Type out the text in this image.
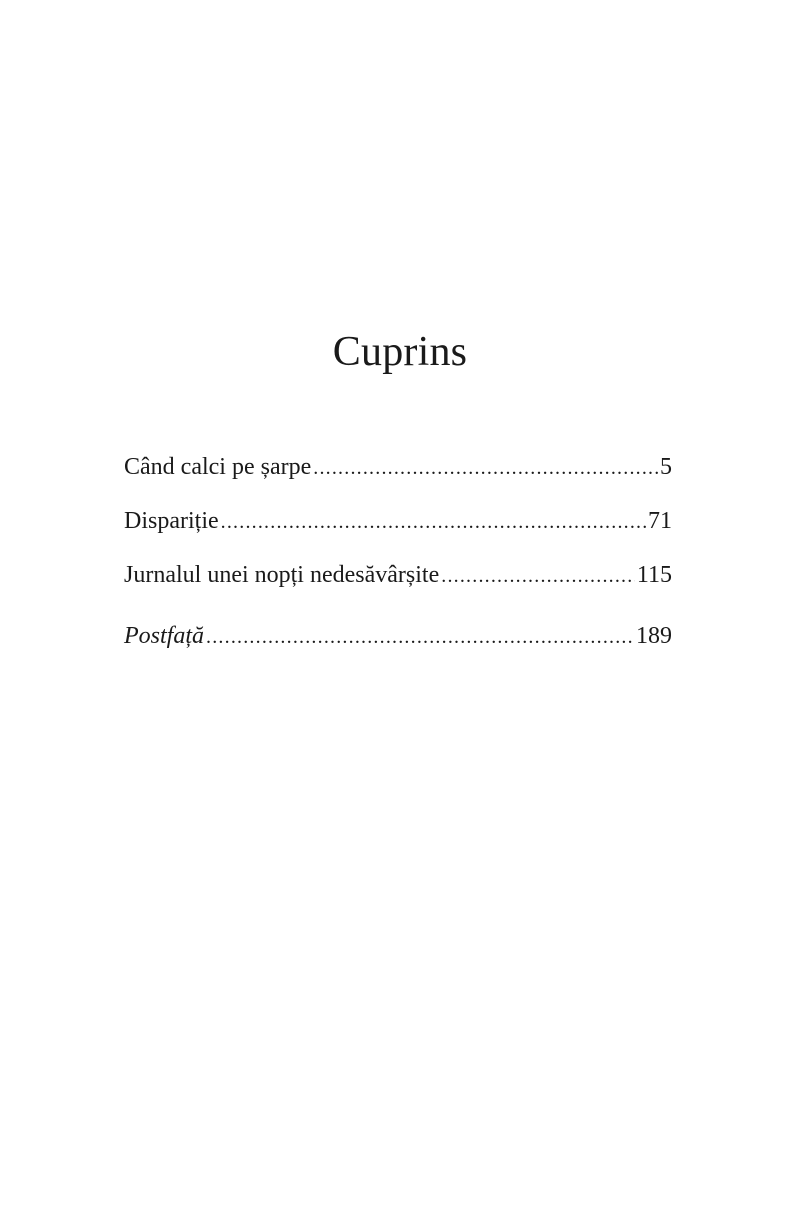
Cuprins
Când calci pe șarpe .....	5
Dispariție .....	71
Jurnalul unei nopți nedesăvârșite .....	115
Postfață .....	189
